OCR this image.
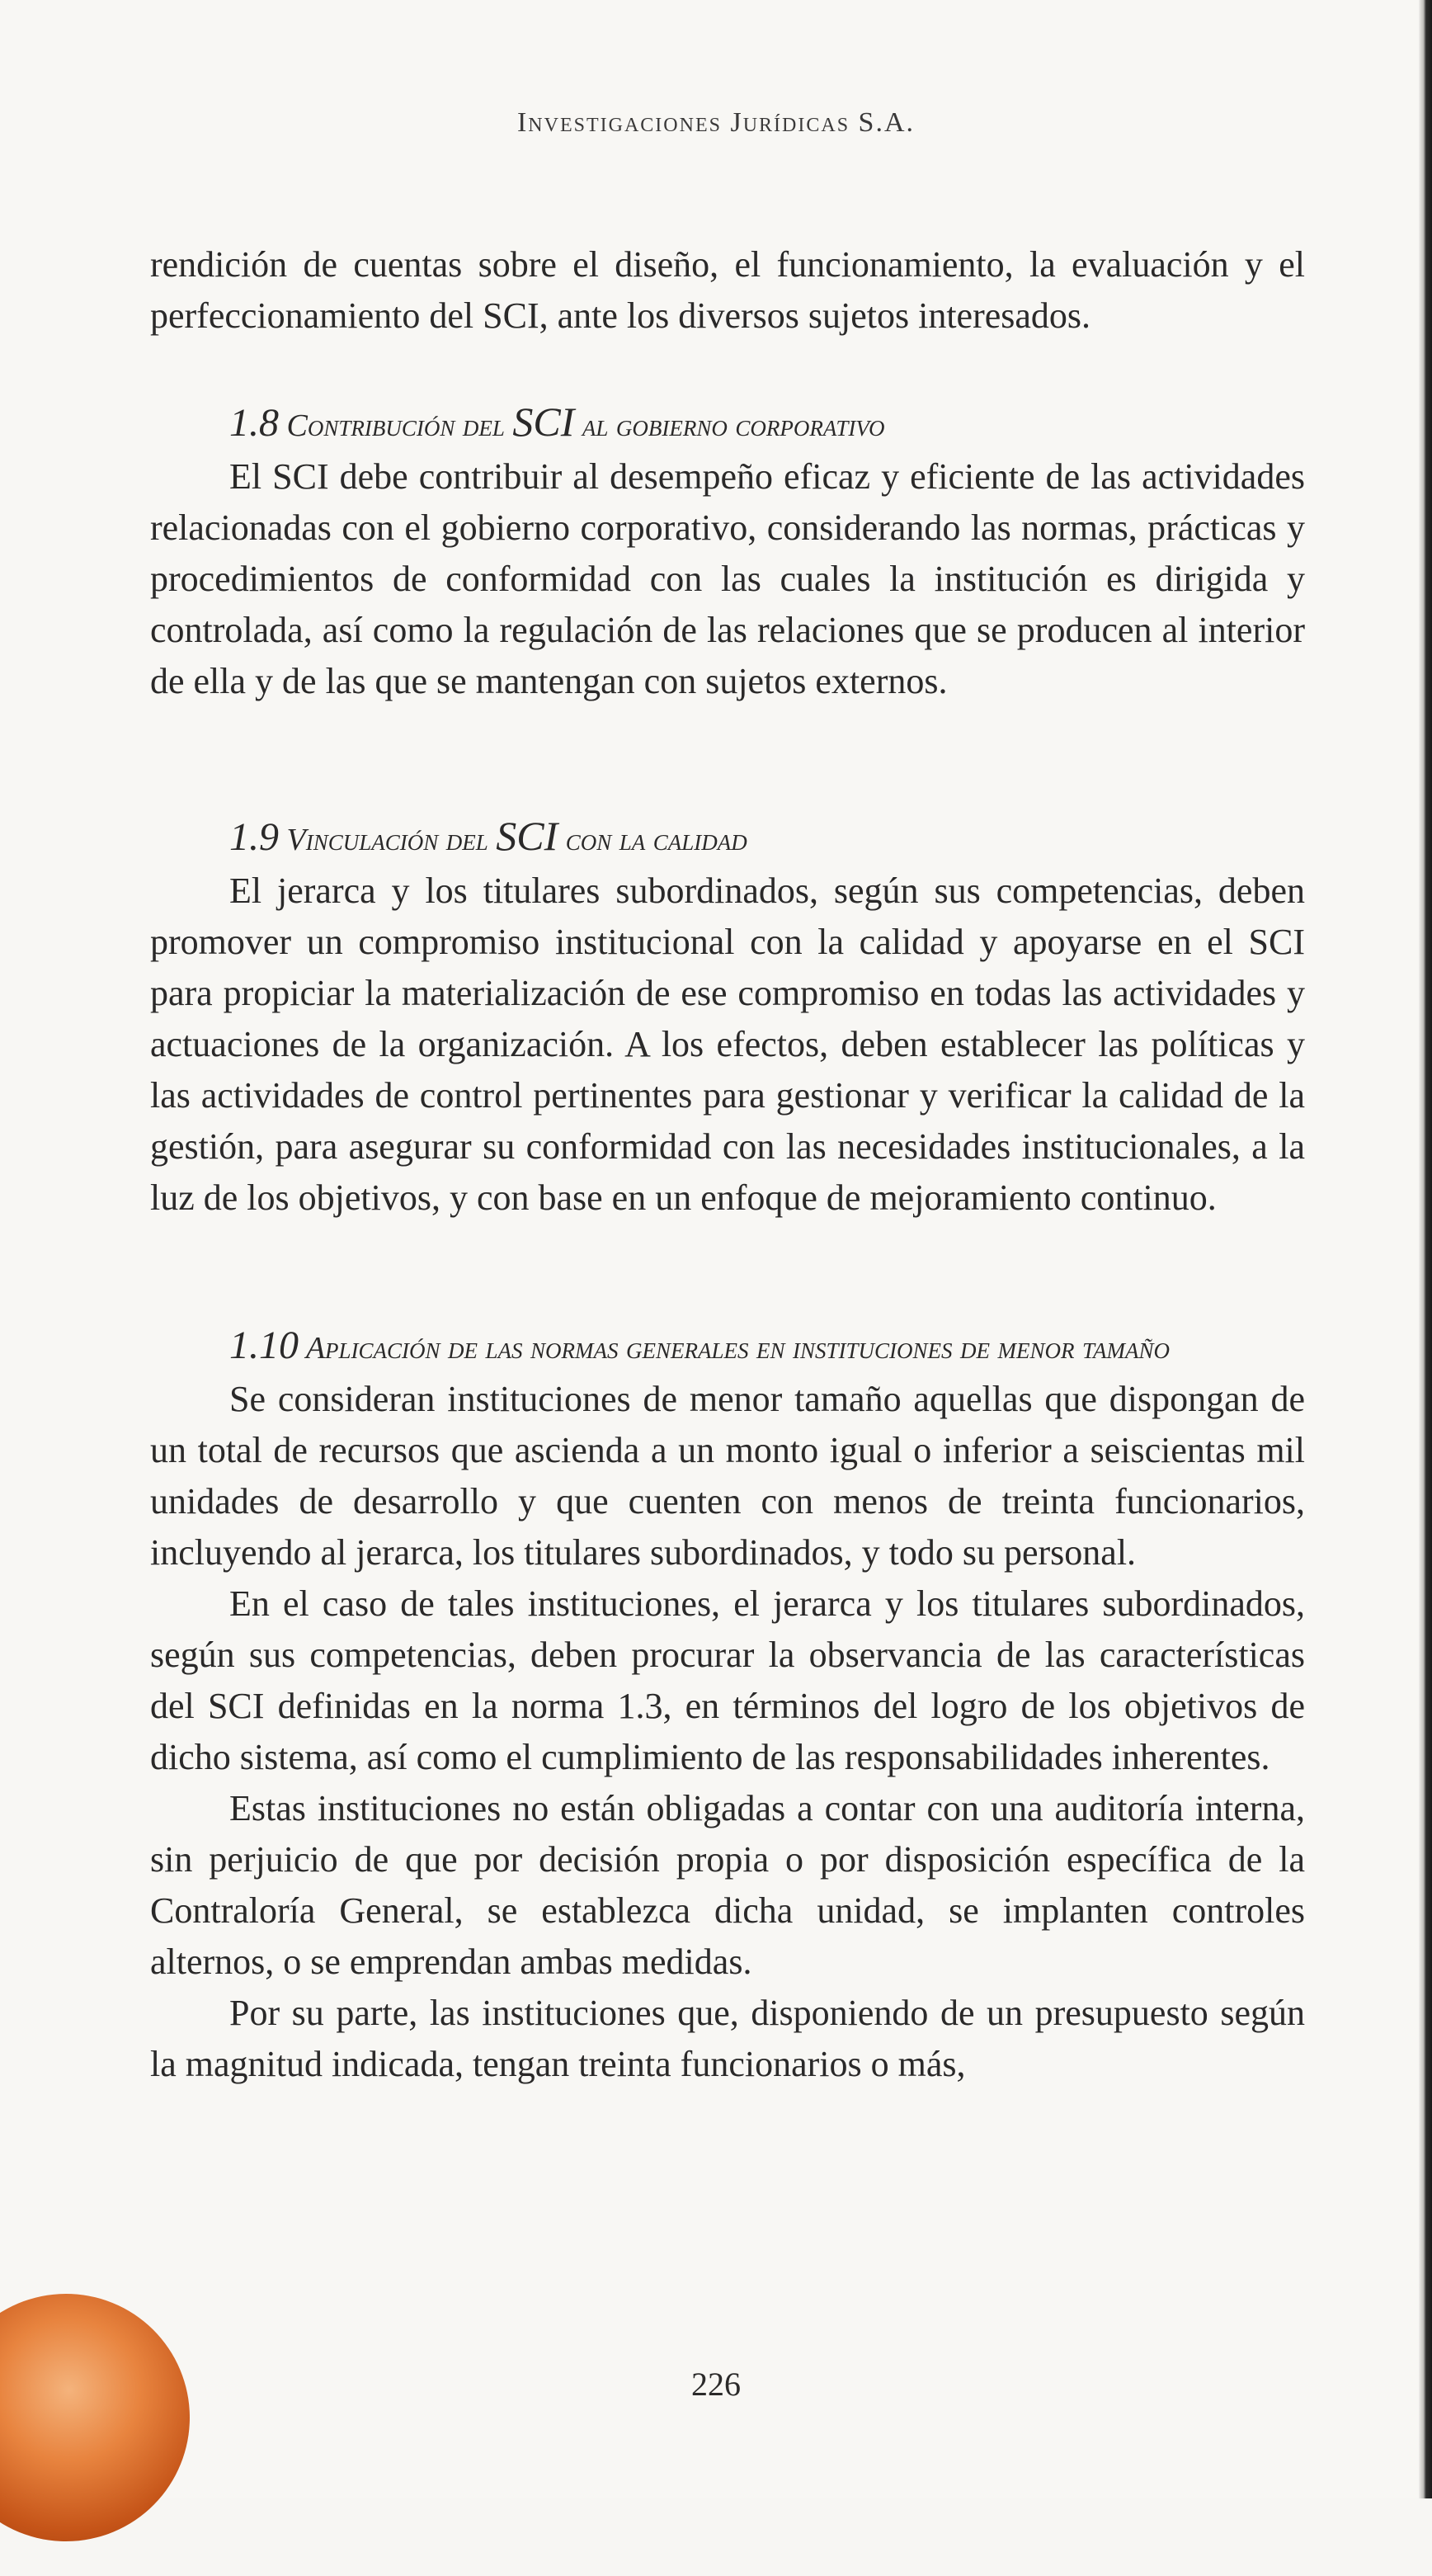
Investigaciones Jurídicas S.A.

rendición de cuentas sobre el diseño, el funcionamiento, la evaluación y el perfeccionamiento del SCI, ante los diversos sujetos interesados.

1.8 Contribución del SCI al gobierno corporativo

El SCI debe contribuir al desempeño eficaz y eficiente de las actividades relacionadas con el gobierno corporativo, considerando las normas, prácticas y procedimientos de conformidad con las cuales la institución es dirigida y controlada, así como la regulación de las relaciones que se producen al interior de ella y de las que se mantengan con sujetos externos.

1.9 Vinculación del SCI con la calidad

El jerarca y los titulares subordinados, según sus competencias, deben promover un compromiso institucional con la calidad y apoyarse en el SCI para propiciar la materialización de ese compromiso en todas las actividades y actuaciones de la organización. A los efectos, deben establecer las políticas y las actividades de control pertinentes para gestionar y verificar la calidad de la gestión, para asegurar su conformidad con las necesidades institucionales, a la luz de los objetivos, y con base en un enfoque de mejoramiento continuo.

1.10 Aplicación de las normas generales en instituciones de menor tamaño

Se consideran instituciones de menor tamaño aquellas que dispongan de un total de recursos que ascienda a un monto igual o inferior a seiscientas mil unidades de desarrollo y que cuenten con menos de treinta funcionarios, incluyendo al jerarca, los titulares subordinados, y todo su personal.

En el caso de tales instituciones, el jerarca y los titulares subordinados, según sus competencias, deben procurar la observancia de las características del SCI definidas en la norma 1.3, en términos del logro de los objetivos de dicho sistema, así como el cumplimiento de las responsabilidades inherentes.

Estas instituciones no están obligadas a contar con una auditoría interna, sin perjuicio de que por decisión propia o por disposición específica de la Contraloría General, se establezca dicha unidad, se implanten controles alternos, o se emprendan ambas medidas.

Por su parte, las instituciones que, disponiendo de un presupuesto según la magnitud indicada, tengan treinta funcionarios o más,

226
